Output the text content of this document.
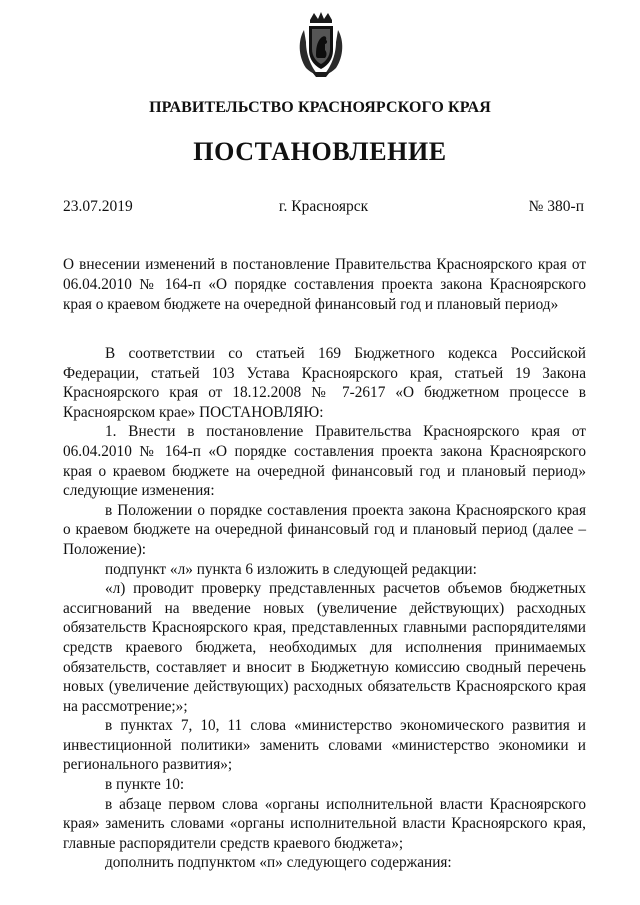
ПРАВИТЕЛЬСТВО КРАСНОЯРСКОГО КРАЯ
ПОСТАНОВЛЕНИЕ
23.07.2019	г. Красноярск	№ 380-п
О внесении изменений в постановление Правительства Красноярского края от 06.04.2010 № 164-п «О порядке составления проекта закона Красноярского края о краевом бюджете на очередной финансовый год и плановый период»

В соответствии со статьей 169 Бюджетного кодекса Российской Федерации, статьей 103 Устава Красноярского края, статьей 19 Закона Красноярского края от 18.12.2008 № 7-2617 «О бюджетном процессе в Красноярском крае» ПОСТАНОВЛЯЮ:

1. Внести в постановление Правительства Красноярского края от 06.04.2010 № 164-п «О порядке составления проекта закона Красноярского края о краевом бюджете на очередной финансовый год и плановый период» следующие изменения:

в Положении о порядке составления проекта закона Красноярского края о краевом бюджете на очередной финансовый год и плановый период (далее – Положение):

подпункт «л» пункта 6 изложить в следующей редакции:

«л) проводит проверку представленных расчетов объемов бюджетных ассигнований на введение новых (увеличение действующих) расходных обязательств Красноярского края, представленных главными распорядителями средств краевого бюджета, необходимых для исполнения принимаемых обязательств, составляет и вносит в Бюджетную комиссию сводный перечень новых (увеличение действующих) расходных обязательств Красноярского края на рассмотрение;»;

в пунктах 7, 10, 11 слова «министерство экономического развития и инвестиционной политики» заменить словами «министерство экономики и регионального развития»;

в пункте 10:

в абзаце первом слова «органы исполнительной власти Красноярского края» заменить словами «органы исполнительной власти Красноярского края, главные распорядители средств краевого бюджета»;

дополнить подпунктом «п» следующего содержания:
